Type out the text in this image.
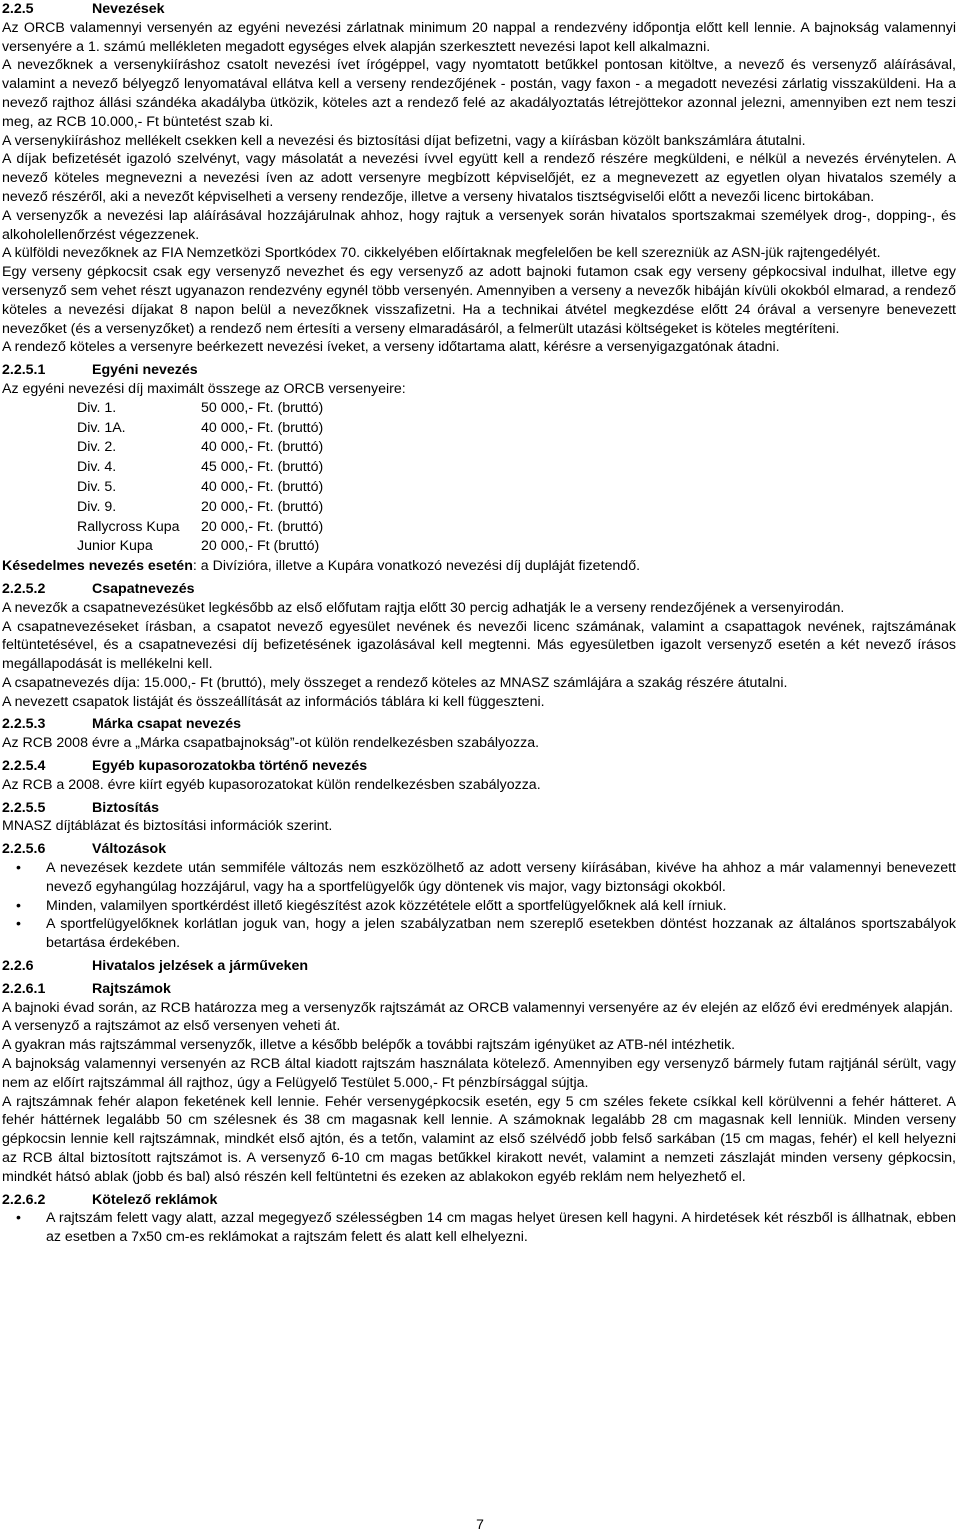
2.2.5	Nevezések

Az ORCB valamennyi versenyén az egyéni nevezési zárlatnak minimum 20 nappal a rendezvény időpontja előtt kell lennie. A bajnokság valamennyi versenyére a 1. számú mellékleten megadott egységes elvek alapján szerkesztett nevezési lapot kell alkalmazni.

A nevezőknek a versenykiíráshoz csatolt nevezési ívet írógéppel, vagy nyomtatott betűkkel pontosan kitöltve, a nevező és versenyző aláírásával, valamint a nevező bélyegző lenyomatával ellátva kell a verseny rendezőjének - postán, vagy faxon - a megadott nevezési zárlatig visszaküldeni. Ha a nevező rajthoz állási szándéka akadályba ütközik, köteles azt a rendező felé az akadályoztatás létrejöttekor azonnal jelezni, amennyiben ezt nem teszi meg, az RCB 10.000,- Ft büntetést szab ki.

A versenykiíráshoz mellékelt csekken kell a nevezési és biztosítási díjat befizetni, vagy a kiírásban közölt bankszámlára átutalni.

A díjak befizetését igazoló szelvényt, vagy másolatát a nevezési ívvel együtt kell a rendező részére megküldeni, e nélkül a nevezés érvénytelen. A nevező köteles megnevezni a nevezési íven az adott versenyre megbízott képviselőjét, ez a megnevezett az egyetlen olyan hivatalos személy a nevező részéről, aki a nevezőt képviselheti a verseny rendezője, illetve a verseny hivatalos tisztségviselői előtt a nevezői licenc birtokában.

A versenyzők a nevezési lap aláírásával hozzájárulnak ahhoz, hogy rajtuk a versenyek során hivatalos sportszakmai személyek drog-, dopping-, és alkoholellenőrzést végezzenek.

A külföldi nevezőknek az FIA Nemzetközi Sportkódex 70. cikkelyében előírtaknak megfelelően be kell szerezniük az ASN-jük rajtengedélyét.

Egy verseny gépkocsit csak egy versenyző nevezhet és egy versenyző az adott bajnoki futamon csak egy verseny gépkocsival indulhat, illetve egy versenyző sem vehet részt ugyanazon rendezvény egynél több versenyén. Amennyiben a verseny a nevezők hibáján kívüli okokból elmarad, a rendező köteles a nevezési díjakat 8 napon belül a nevezőknek visszafizetni. Ha a technikai átvétel megkezdése előtt 24 órával a versenyre benevezett nevezőket (és a versenyzőket) a rendező nem értesíti a verseny elmaradásáról, a felmerült utazási költségeket is köteles megtéríteni.

A rendező köteles a versenyre beérkezett nevezési íveket, a verseny időtartama alatt, kérésre a versenyigazgatónak átadni.

2.2.5.1	Egyéni nevezés

Az egyéni nevezési díj maximált összege az ORCB versenyeire:

Div. 1.	50 000,- Ft. (bruttó)
Div. 1A.	40 000,- Ft. (bruttó)
Div. 2.	40 000,- Ft. (bruttó)
Div. 4.	45 000,- Ft. (bruttó)
Div. 5.	40 000,- Ft. (bruttó)
Div. 9.	20 000,- Ft. (bruttó)
Rallycross Kupa	20 000,- Ft. (bruttó)
Junior Kupa	20 000,- Ft (bruttó)

Késedelmes nevezés esetén: a Divízióra, illetve a Kupára vonatkozó nevezési díj dupláját fizetendő.

2.2.5.2	Csapatnevezés

A nevezők a csapatnevezésüket legkésőbb az első előfutam rajtja előtt 30 percig adhatják le a verseny rendezőjének a versenyirodán.

A csapatnevezéseket írásban, a csapatot nevező egyesület nevének és nevezői licenc számának, valamint a csapattagok nevének, rajtszámának feltüntetésével, és a csapatnevezési díj befizetésének igazolásával kell megtenni. Más egyesületben igazolt versenyző esetén a két nevező írásos megállapodását is mellékelni kell.

A csapatnevezés díja: 15.000,- Ft (bruttó), mely összeget a rendező köteles az MNASZ számlájára a szakág részére átutalni.

A nevezett csapatok listáját és összeállítását az információs táblára ki kell függeszteni.

2.2.5.3	Márka csapat nevezés

Az RCB 2008 évre a „Márka csapatbajnokság”-ot külön rendelkezésben szabályozza.

2.2.5.4	Egyéb kupasorozatokba történő nevezés

Az RCB a 2008. évre kiírt egyéb kupasorozatokat külön rendelkezésben szabályozza.

2.2.5.5	Biztosítás

MNASZ díjtáblázat és biztosítási információk szerint.

2.2.5.6	Változások
• A nevezések kezdete után semmiféle változás nem eszközölhető az adott verseny kiírásában, kivéve ha ahhoz a már valamennyi benevezett nevező egyhangúlag hozzájárul, vagy ha a sportfelügyelők úgy döntenek vis major, vagy biztonsági okokból.
• Minden, valamilyen sportkérdést illető kiegészítést azok közzététele előtt a sportfelügyelőknek alá kell írniuk.
• A sportfelügyelőknek korlátlan joguk van, hogy a jelen szabályzatban nem szereplő esetekben döntést hozzanak az általános sportszabályok betartása érdekében.
2.2.6	Hivatalos jelzések a járműveken
2.2.6.1	Rajtszámok

A bajnoki évad során, az RCB határozza meg a versenyzők rajtszámát az ORCB valamennyi versenyére az év elején az előző évi eredmények alapján.

A versenyző a rajtszámot az első versenyen veheti át.

A gyakran más rajtszámmal versenyzők, illetve a később belépők a további rajtszám igényüket az ATB-nél intézhetik.

A bajnokság valamennyi versenyén az RCB által kiadott rajtszám használata kötelező. Amennyiben egy versenyző bármely futam rajtjánál sérült, vagy nem az előírt rajtszámmal áll rajthoz, úgy a Felügyelő Testület 5.000,- Ft pénzbírsággal sújtja.

A rajtszámnak fehér alapon feketének kell lennie. Fehér versenygépkocsik esetén, egy 5 cm széles fekete csíkkal kell körülvenni a fehér hátteret. A fehér háttérnek legalább 50 cm szélesnek és 38 cm magasnak kell lennie. A számoknak legalább 28 cm magasnak kell lenniük. Minden verseny gépkocsin lennie kell rajtszámnak, mindkét első ajtón, és a tetőn, valamint az első szélvédő jobb felső sarkában (15 cm magas, fehér) el kell helyezni az RCB által biztosított rajtszámot is. A versenyző 6-10 cm magas betűkkel kirakott nevét, valamint a nemzeti zászlaját minden verseny gépkocsin, mindkét hátsó ablak (jobb és bal) alsó részén kell feltüntetni és ezeken az ablakokon egyéb reklám nem helyezhető el.

2.2.6.2	Kötelező reklámok
• A rajtszám felett vagy alatt, azzal megegyező szélességben 14 cm magas helyet üresen kell hagyni. A hirdetések két részből is állhatnak, ebben az esetben a 7x50 cm-es reklámokat a rajtszám felett és alatt kell elhelyezni.
7
